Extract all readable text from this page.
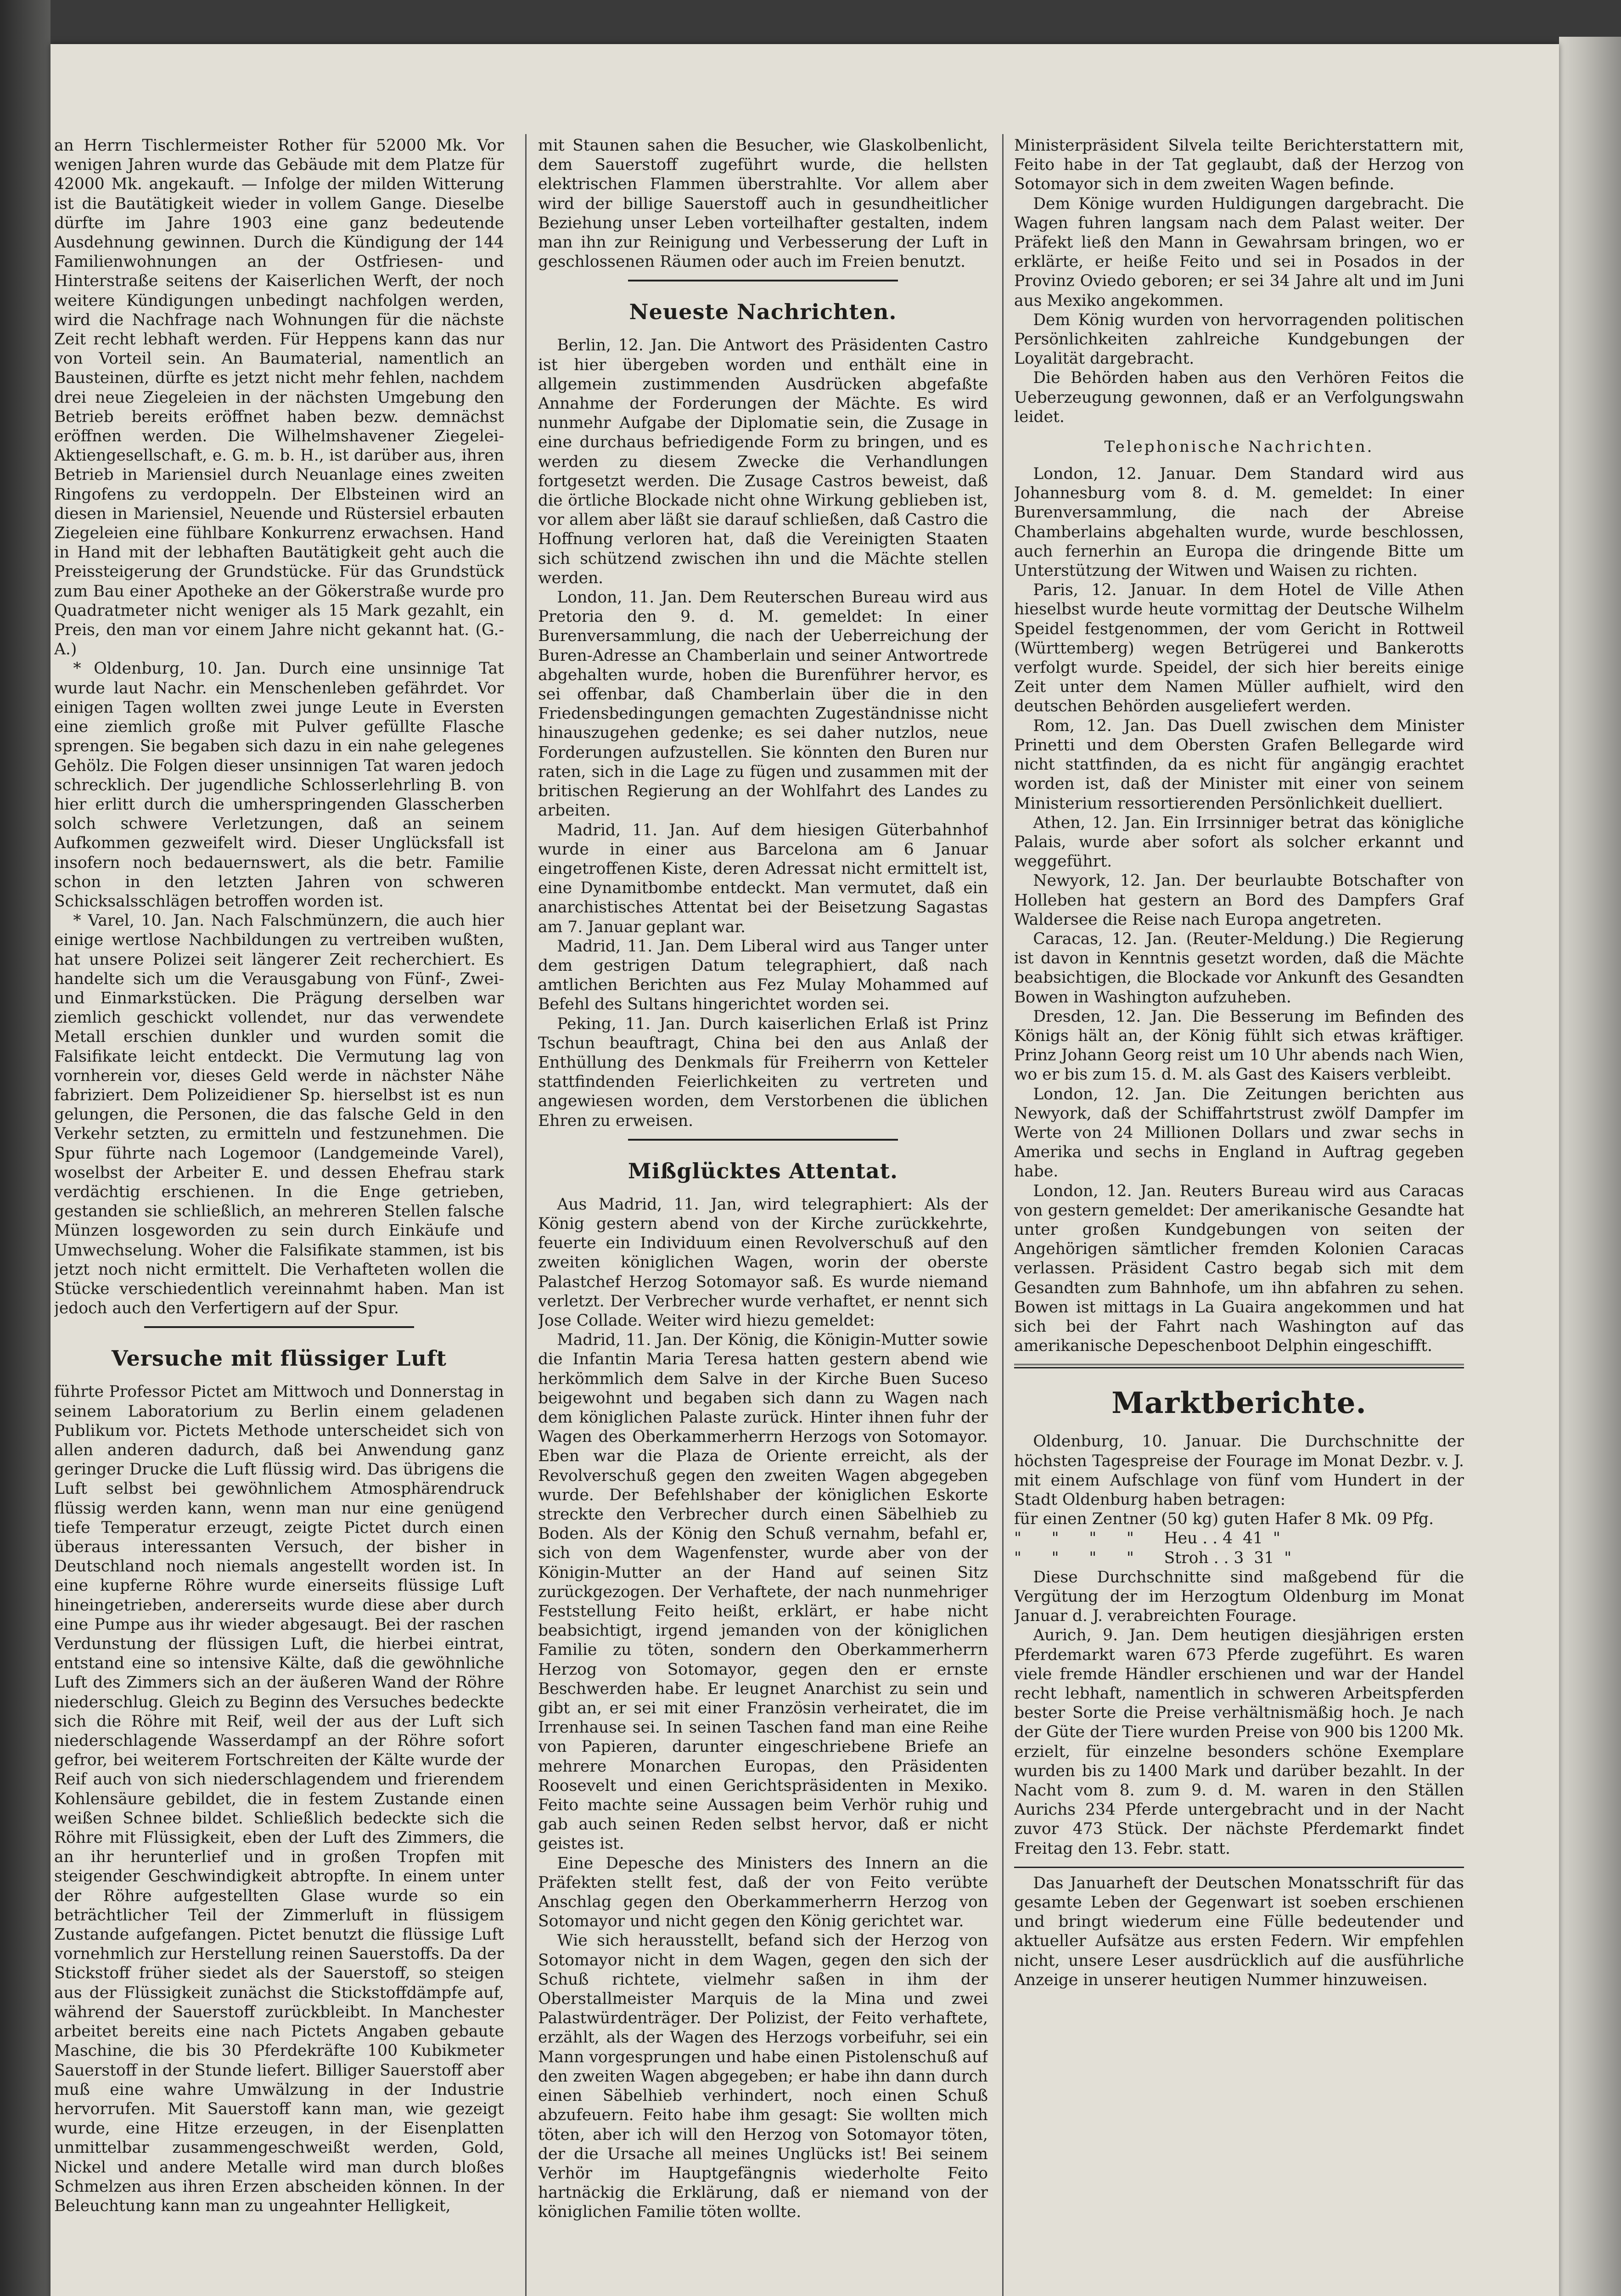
an Herrn Tischlermeister Rother für 52000 Mk. Vor wenigen Jahren wurde das Gebäude mit dem Platze für 42000 Mk. angekauft. — Infolge der milden Witterung ist die Bautätigkeit wieder in vollem Gange. Dieselbe dürfte im Jahre 1903 eine ganz bedeutende Ausdehnung gewinnen. Durch die Kündigung der 144 Familienwohnungen an der Ostfriesen- und Hinterstraße seitens der Kaiserlichen Werft, der noch weitere Kündigungen unbedingt nachfolgen werden, wird die Nachfrage nach Wohnungen für die nächste Zeit recht lebhaft werden. Für Heppens kann das nur von Vorteil sein. An Baumaterial, namentlich an Bausteinen, dürfte es jetzt nicht mehr fehlen, nachdem drei neue Ziegeleien in der nächsten Umgebung den Betrieb bereits eröffnet haben bezw. demnächst eröffnen werden. Die Wilhelmshavener Ziegelei-Aktiengesellschaft, e. G. m. b. H., ist darüber aus, ihren Betrieb in Mariensiel durch Neuanlage eines zweiten Ringofens zu verdoppeln. Der Elbsteinen wird an diesen in Mariensiel, Neuende und Rüstersiel erbauten Ziegeleien eine fühlbare Konkurrenz erwachsen. Hand in Hand mit der lebhaften Bautätigkeit geht auch die Preissteigerung der Grundstücke. Für das Grundstück zum Bau einer Apotheke an der Gökerstraße wurde pro Quadratmeter nicht weniger als 15 Mark gezahlt, ein Preis, den man vor einem Jahre nicht gekannt hat. (G.-A.)

* Oldenburg, 10. Jan. Durch eine unsinnige Tat wurde laut Nachr. ein Menschenleben gefährdet. Vor einigen Tagen wollten zwei junge Leute in Eversten eine ziemlich große mit Pulver gefüllte Flasche sprengen. Sie begaben sich dazu in ein nahe gelegenes Gehölz. Die Folgen dieser unsinnigen Tat waren jedoch schrecklich. Der jugendliche Schlosserlehrling B. von hier erlitt durch die umherspringenden Glasscherben solch schwere Verletzungen, daß an seinem Aufkommen gezweifelt wird. Dieser Unglücksfall ist insofern noch bedauernswert, als die betr. Familie schon in den letzten Jahren von schweren Schicksalsschlägen betroffen worden ist.

* Varel, 10. Jan. Nach Falschmünzern, die auch hier einige wertlose Nachbildungen zu vertreiben wußten, hat unsere Polizei seit längerer Zeit recherchiert. Es handelte sich um die Verausgabung von Fünf-, Zwei- und Einmarkstücken. Die Prägung derselben war ziemlich geschickt vollendet, nur das verwendete Metall erschien dunkler und wurden somit die Falsifikate leicht entdeckt. Die Vermutung lag von vornherein vor, dieses Geld werde in nächster Nähe fabriziert. Dem Polizeidiener Sp. hierselbst ist es nun gelungen, die Personen, die das falsche Geld in den Verkehr setzten, zu ermitteln und festzunehmen. Die Spur führte nach Logemoor (Landgemeinde Varel), woselbst der Arbeiter E. und dessen Ehefrau stark verdächtig erschienen. In die Enge getrieben, gestanden sie schließlich, an mehreren Stellen falsche Münzen losgeworden zu sein durch Einkäufe und Umwechselung. Woher die Falsifikate stammen, ist bis jetzt noch nicht ermittelt. Die Verhafteten wollen die Stücke verschiedentlich vereinnahmt haben. Man ist jedoch auch den Verfertigern auf der Spur.

Versuche mit flüssiger Luft

führte Professor Pictet am Mittwoch und Donnerstag in seinem Laboratorium zu Berlin einem geladenen Publikum vor. Pictets Methode unterscheidet sich von allen anderen dadurch, daß bei Anwendung ganz geringer Drucke die Luft flüssig wird. Das übrigens die Luft selbst bei gewöhnlichem Atmosphärendruck flüssig werden kann, wenn man nur eine genügend tiefe Temperatur erzeugt, zeigte Pictet durch einen überaus interessanten Versuch, der bisher in Deutschland noch niemals angestellt worden ist. In eine kupferne Röhre wurde einerseits flüssige Luft hineingetrieben, andererseits wurde diese aber durch eine Pumpe aus ihr wieder abgesaugt. Bei der raschen Verdunstung der flüssigen Luft, die hierbei eintrat, entstand eine so intensive Kälte, daß die gewöhnliche Luft des Zimmers sich an der äußeren Wand der Röhre niederschlug. Gleich zu Beginn des Versuches bedeckte sich die Röhre mit Reif, weil der aus der Luft sich niederschlagende Wasserdampf an der Röhre sofort gefror, bei weiterem Fortschreiten der Kälte wurde der Reif auch von sich niederschlagendem und frierendem Kohlensäure gebildet, die in festem Zustande einen weißen Schnee bildet. Schließlich bedeckte sich die Röhre mit Flüssigkeit, eben der Luft des Zimmers, die an ihr herunterlief und in großen Tropfen mit steigender Geschwindigkeit abtropfte. In einem unter der Röhre aufgestellten Glase wurde so ein beträchtlicher Teil der Zimmerluft in flüssigem Zustande aufgefangen. Pictet benutzt die flüssige Luft vornehmlich zur Herstellung reinen Sauerstoffs. Da der Stickstoff früher siedet als der Sauerstoff, so steigen aus der Flüssigkeit zunächst die Stickstoffdämpfe auf, während der Sauerstoff zurückbleibt. In Manchester arbeitet bereits eine nach Pictets Angaben gebaute Maschine, die bis 30 Pferdekräfte 100 Kubikmeter Sauerstoff in der Stunde liefert. Billiger Sauerstoff aber muß eine wahre Umwälzung in der Industrie hervorrufen. Mit Sauerstoff kann man, wie gezeigt wurde, eine Hitze erzeugen, in der Eisenplatten unmittelbar zusammengeschweißt werden, Gold, Nickel und andere Metalle wird man durch bloßes Schmelzen aus ihren Erzen abscheiden können. In der Beleuchtung kann man zu ungeahnter Helligkeit,

mit Staunen sahen die Besucher, wie Glaskolbenlicht, dem Sauerstoff zugeführt wurde, die hellsten elektrischen Flammen überstrahlte. Vor allem aber wird der billige Sauerstoff auch in gesundheitlicher Beziehung unser Leben vorteilhafter gestalten, indem man ihn zur Reinigung und Verbesserung der Luft in geschlossenen Räumen oder auch im Freien benutzt.

Neueste Nachrichten.

Berlin, 12. Jan. Die Antwort des Präsidenten Castro ist hier übergeben worden und enthält eine in allgemein zustimmenden Ausdrücken abgefaßte Annahme der Forderungen der Mächte. Es wird nunmehr Aufgabe der Diplomatie sein, die Zusage in eine durchaus befriedigende Form zu bringen, und es werden zu diesem Zwecke die Verhandlungen fortgesetzt werden. Die Zusage Castros beweist, daß die örtliche Blockade nicht ohne Wirkung geblieben ist, vor allem aber läßt sie darauf schließen, daß Castro die Hoffnung verloren hat, daß die Vereinigten Staaten sich schützend zwischen ihn und die Mächte stellen werden.

London, 11. Jan. Dem Reuterschen Bureau wird aus Pretoria den 9. d. M. gemeldet: In einer Burenversammlung, die nach der Ueberreichung der Buren-Adresse an Chamberlain und seiner Antwortrede abgehalten wurde, hoben die Burenführer hervor, es sei offenbar, daß Chamberlain über die in den Friedensbedingungen gemachten Zugeständnisse nicht hinauszugehen gedenke; es sei daher nutzlos, neue Forderungen aufzustellen. Sie könnten den Buren nur raten, sich in die Lage zu fügen und zusammen mit der britischen Regierung an der Wohlfahrt des Landes zu arbeiten.

Madrid, 11. Jan. Auf dem hiesigen Güterbahnhof wurde in einer aus Barcelona am 6 Januar eingetroffenen Kiste, deren Adressat nicht ermittelt ist, eine Dynamitbombe entdeckt. Man vermutet, daß ein anarchistisches Attentat bei der Beisetzung Sagastas am 7. Januar geplant war.

Madrid, 11. Jan. Dem Liberal wird aus Tanger unter dem gestrigen Datum telegraphiert, daß nach amtlichen Berichten aus Fez Mulay Mohammed auf Befehl des Sultans hingerichtet worden sei.

Peking, 11. Jan. Durch kaiserlichen Erlaß ist Prinz Tschun beauftragt, China bei den aus Anlaß der Enthüllung des Denkmals für Freiherrn von Ketteler stattfindenden Feierlichkeiten zu vertreten und angewiesen worden, dem Verstorbenen die üblichen Ehren zu erweisen.

Mißglücktes Attentat.

Aus Madrid, 11. Jan, wird telegraphiert: Als der König gestern abend von der Kirche zurückkehrte, feuerte ein Individuum einen Revolverschuß auf den zweiten königlichen Wagen, worin der oberste Palastchef Herzog Sotomayor saß. Es wurde niemand verletzt. Der Verbrecher wurde verhaftet, er nennt sich Jose Collade. Weiter wird hiezu gemeldet:

Madrid, 11. Jan. Der König, die Königin-Mutter sowie die Infantin Maria Teresa hatten gestern abend wie herkömmlich dem Salve in der Kirche Buen Suceso beigewohnt und begaben sich dann zu Wagen nach dem königlichen Palaste zurück. Hinter ihnen fuhr der Wagen des Oberkammerherrn Herzogs von Sotomayor. Eben war die Plaza de Oriente erreicht, als der Revolverschuß gegen den zweiten Wagen abgegeben wurde. Der Befehlshaber der königlichen Eskorte streckte den Verbrecher durch einen Säbelhieb zu Boden. Als der König den Schuß vernahm, befahl er, sich von dem Wagenfenster, wurde aber von der Königin-Mutter an der Hand auf seinen Sitz zurückgezogen. Der Verhaftete, der nach nunmehriger Feststellung Feito heißt, erklärt, er habe nicht beabsichtigt, irgend jemanden von der königlichen Familie zu töten, sondern den Oberkammerherrn Herzog von Sotomayor, gegen den er ernste Beschwerden habe. Er leugnet Anarchist zu sein und gibt an, er sei mit einer Französin verheiratet, die im Irrenhause sei. In seinen Taschen fand man eine Reihe von Papieren, darunter eingeschriebene Briefe an mehrere Monarchen Europas, den Präsidenten Roosevelt und einen Gerichtspräsidenten in Mexiko. Feito machte seine Aussagen beim Verhör ruhig und gab auch seinen Reden selbst hervor, daß er nicht geistes ist.

Eine Depesche des Ministers des Innern an die Präfekten stellt fest, daß der von Feito verübte Anschlag gegen den Oberkammerherrn Herzog von Sotomayor und nicht gegen den König gerichtet war.

Wie sich herausstellt, befand sich der Herzog von Sotomayor nicht in dem Wagen, gegen den sich der Schuß richtete, vielmehr saßen in ihm der Oberstallmeister Marquis de la Mina und zwei Palastwürdenträger. Der Polizist, der Feito verhaftete, erzählt, als der Wagen des Herzogs vorbeifuhr, sei ein Mann vorgesprungen und habe einen Pistolenschuß auf den zweiten Wagen abgegeben; er habe ihn dann durch einen Säbelhieb verhindert, noch einen Schuß abzufeuern. Feito habe ihm gesagt: Sie wollten mich töten, aber ich will den Herzog von Sotomayor töten, der die Ursache all meines Unglücks ist! Bei seinem Verhör im Hauptgefängnis wiederholte Feito hartnäckig die Erklärung, daß er niemand von der königlichen Familie töten wollte.

Ministerpräsident Silvela teilte Berichterstattern mit, Feito habe in der Tat geglaubt, daß der Herzog von Sotomayor sich in dem zweiten Wagen befinde.

Dem Könige wurden Huldigungen dargebracht. Die Wagen fuhren langsam nach dem Palast weiter. Der Präfekt ließ den Mann in Gewahrsam bringen, wo er erklärte, er heiße Feito und sei in Posados in der Provinz Oviedo geboren; er sei 34 Jahre alt und im Juni aus Mexiko angekommen.

Dem König wurden von hervorragenden politischen Persönlichkeiten zahlreiche Kundgebungen der Loyalität dargebracht.

Die Behörden haben aus den Verhören Feitos die Ueberzeugung gewonnen, daß er an Verfolgungswahn leidet.

Telephonische Nachrichten.

London, 12. Januar. Dem Standard wird aus Johannesburg vom 8. d. M. gemeldet: In einer Burenversammlung, die nach der Abreise Chamberlains abgehalten wurde, wurde beschlossen, auch fernerhin an Europa die dringende Bitte um Unterstützung der Witwen und Waisen zu richten.

Paris, 12. Januar. In dem Hotel de Ville Athen hieselbst wurde heute vormittag der Deutsche Wilhelm Speidel festgenommen, der vom Gericht in Rottweil (Württemberg) wegen Betrügerei und Bankerotts verfolgt wurde. Speidel, der sich hier bereits einige Zeit unter dem Namen Müller aufhielt, wird den deutschen Behörden ausgeliefert werden.

Rom, 12. Jan. Das Duell zwischen dem Minister Prinetti und dem Obersten Grafen Bellegarde wird nicht stattfinden, da es nicht für angängig erachtet worden ist, daß der Minister mit einer von seinem Ministerium ressortierenden Persönlichkeit duelliert.

Athen, 12. Jan. Ein Irrsinniger betrat das königliche Palais, wurde aber sofort als solcher erkannt und weggeführt.

Newyork, 12. Jan. Der beurlaubte Botschafter von Holleben hat gestern an Bord des Dampfers Graf Waldersee die Reise nach Europa angetreten.

Caracas, 12. Jan. (Reuter-Meldung.) Die Regierung ist davon in Kenntnis gesetzt worden, daß die Mächte beabsichtigen, die Blockade vor Ankunft des Gesandten Bowen in Washington aufzuheben.

Dresden, 12. Jan. Die Besserung im Befinden des Königs hält an, der König fühlt sich etwas kräftiger. Prinz Johann Georg reist um 10 Uhr abends nach Wien, wo er bis zum 15. d. M. als Gast des Kaisers verbleibt.

London, 12. Jan. Die Zeitungen berichten aus Newyork, daß der Schiffahrtstrust zwölf Dampfer im Werte von 24 Millionen Dollars und zwar sechs in Amerika und sechs in England in Auftrag gegeben habe.

London, 12. Jan. Reuters Bureau wird aus Caracas von gestern gemeldet: Der amerikanische Gesandte hat unter großen Kundgebungen von seiten der Angehörigen sämtlicher fremden Kolonien Caracas verlassen. Präsident Castro begab sich mit dem Gesandten zum Bahnhofe, um ihn abfahren zu sehen. Bowen ist mittags in La Guaira angekommen und hat sich bei der Fahrt nach Washington auf das amerikanische Depeschenboot Delphin eingeschifft.

Marktberichte.

Oldenburg, 10. Januar. Die Durchschnitte der höchsten Tagespreise der Fourage im Monat Dezbr. v. J. mit einem Aufschlage von fünf vom Hundert in der Stadt Oldenburg haben betragen:

für einen Zentner (50 kg) guten Hafer 8 Mk. 09 Pfg.

"      "      "      "      Heu . . 4  41  "

"      "      "      "      Stroh . . 3  31  "

Diese Durchschnitte sind maßgebend für die Vergütung der im Herzogtum Oldenburg im Monat Januar d. J. verabreichten Fourage.

Aurich, 9. Jan. Dem heutigen diesjährigen ersten Pferdemarkt waren 673 Pferde zugeführt. Es waren viele fremde Händler erschienen und war der Handel recht lebhaft, namentlich in schweren Arbeitspferden bester Sorte die Preise verhältnismäßig hoch. Je nach der Güte der Tiere wurden Preise von 900 bis 1200 Mk. erzielt, für einzelne besonders schöne Exemplare wurden bis zu 1400 Mark und darüber bezahlt. In der Nacht vom 8. zum 9. d. M. waren in den Ställen Aurichs 234 Pferde untergebracht und in der Nacht zuvor 473 Stück. Der nächste Pferdemarkt findet Freitag den 13. Febr. statt.

Das Januarheft der Deutschen Monatsschrift für das gesamte Leben der Gegenwart ist soeben erschienen und bringt wiederum eine Fülle bedeutender und aktueller Aufsätze aus ersten Federn. Wir empfehlen nicht, unsere Leser ausdrücklich auf die ausführliche Anzeige in unserer heutigen Nummer hinzuweisen.
